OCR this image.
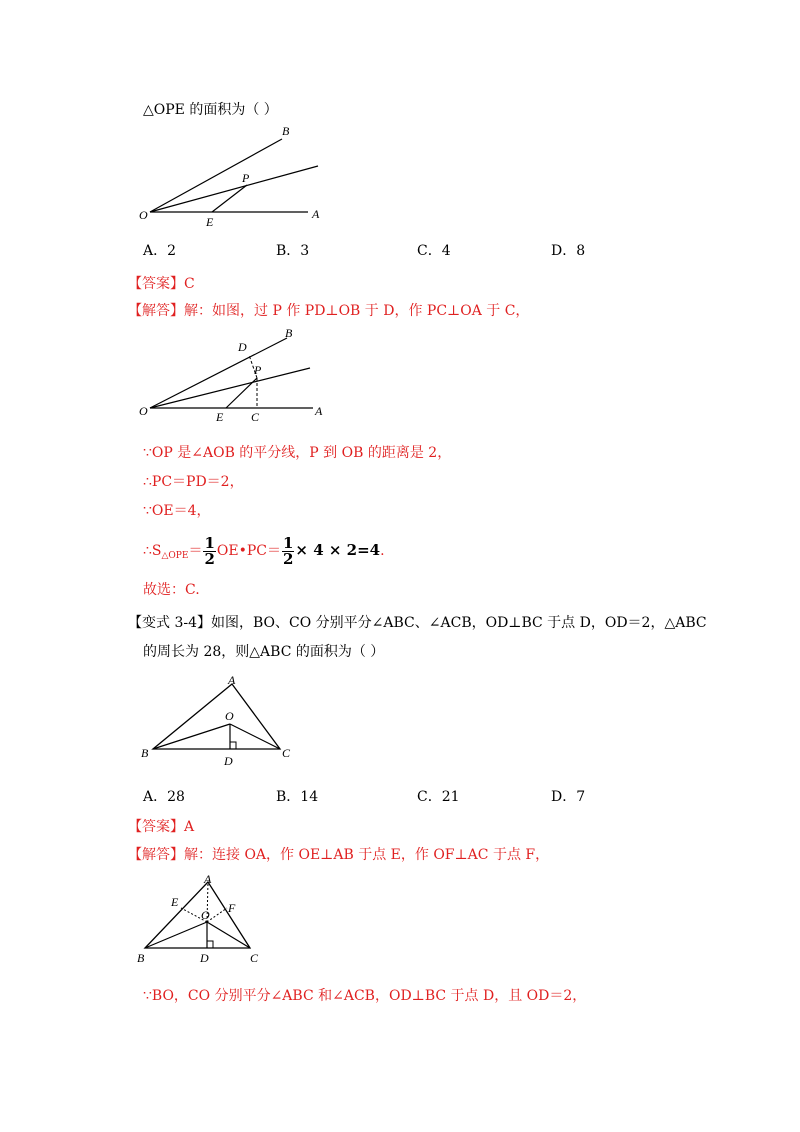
△OPE 的面积为（ ）
B
P
O	E
A
A．2	B．3	C．4	D．8
【答案】C
【解答】解：如图，过 P 作 PD⊥OB 于 D，作 PC⊥OA 于 C，
D
B
P
O	E C	A
∵OP 是∠AOB 的平分线，P 到 OB 的距离是 2，
∴PC＝PD＝2，
∵OE＝4，
$\therefore S_{\triangle OPE}= \frac{1}{2}$ OE•PC＝ $\frac{1}{2} \times 4 \times 2=4$.
故选：C.
【变式 3-4】如图，BO、CO 分别平分∠ABC、∠ACB，OD⊥BC 于点 D，OD＝2，△ABC
的周长为 28，则△ABC 的面积为（ ）
A
O
B
D
C
A．28	B．14	C．21	D．7
【答案】A
【解答】解：连接 OA，作 OE⊥AB 于点 E，作 OF⊥AC 于点 F，
A
E	F
O
B	D	C
∵BO，CO 分别平分∠ABC 和∠ACB，OD⊥BC 于点 D，且 OD＝2，
